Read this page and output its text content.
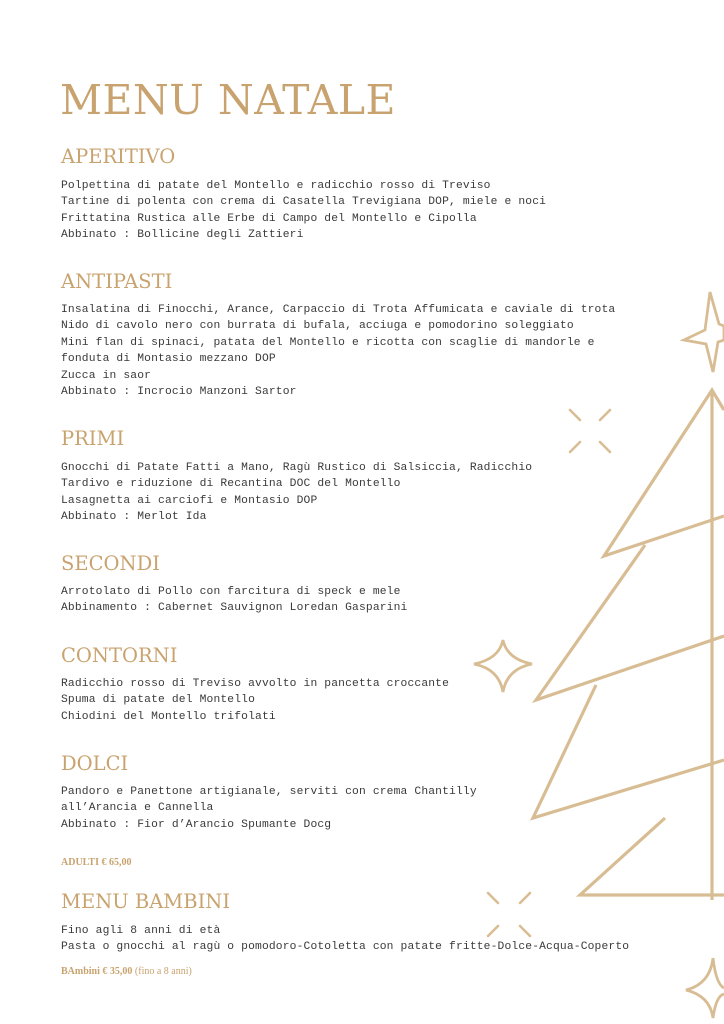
MENU NATALE
APERITIVO
Polpettina di patate del Montello e radicchio rosso di Treviso
Tartine di polenta con crema di Casatella Trevigiana DOP, miele e noci
Frittatina Rustica alle Erbe di Campo del Montello e Cipolla
Abbinato : Bollicine degli Zattieri
ANTIPASTI
Insalatina di Finocchi, Arance, Carpaccio di Trota Affumicata e caviale di trota
Nido di cavolo nero con burrata di bufala, acciuga e pomodorino soleggiato
Mini flan di spinaci, patata del Montello e ricotta con scaglie di mandorle e
fonduta di Montasio mezzano DOP
Zucca in saor
Abbinato : Incrocio Manzoni Sartor
PRIMI
Gnocchi di Patate Fatti a Mano, Ragù Rustico di Salsiccia, Radicchio
Tardivo e riduzione di Recantina DOC del Montello
Lasagnetta ai carciofi e Montasio DOP
Abbinato : Merlot Ida
SECONDI
Arrotolato di Pollo con farcitura di speck e mele
Abbinamento : Cabernet Sauvignon Loredan Gasparini
CONTORNI
Radicchio rosso di Treviso avvolto in pancetta croccante
Spuma di patate del Montello
Chiodini del Montello trifolati
DOLCI
Pandoro e Panettone artigianale, serviti con crema Chantilly
all’Arancia e Cannella
Abbinato : Fior d’Arancio Spumante Docg
ADULTI € 65,00
MENU BAMBINI
Fino agli 8 anni di età
Pasta o gnocchi al ragù o pomodoro-Cotoletta con patate fritte-Dolce-Acqua-Coperto
BAmbini € 35,00 (fino a 8 anni)
